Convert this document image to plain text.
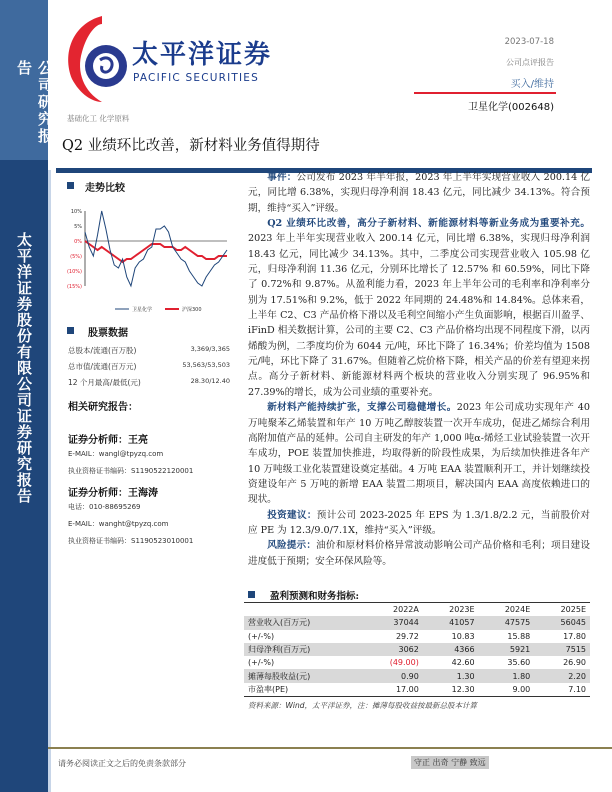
公司研究报告
太平洋证券股份有限公司证券研究报告
太平洋证券
PACIFIC SECURITIES
2023-07-18
公司点评报告
买入/维持
卫星化学(002648)
基础化工 化学原料
Q2 业绩环比改善，新材料业务值得期待
走势比较
10%
5%
0%
(5%)
(10%)
(15%)
卫星化学	沪深300
股票数据
总股本/流通(百万股)	3,369/3,365
总市值/流通(百万元)	53,563/53,503
12 个月最高/最低(元)	28.30/12.40
相关研究报告：
证券分析师：王亮
E-MAIL：wangl@tpyzq.com
执业资格证书编码：S1190522120001
证券分析师：王海涛
电话：010-88695269
E-MAIL：wanght@tpyzq.com
执业资格证书编码：S1190523010001

事件：公司发布 2023 年半年报，2023 年上半年实现营业收入 200.14 亿元，同比增 6.38%，实现归母净利润 18.43 亿元，同比减少 34.13%。符合预期，维持“买入”评级。

Q2 业绩环比改善，高分子新材料、新能源材料等新业务成为重要补充。2023 年上半年实现营业收入 200.14 亿元，同比增 6.38%，实现归母净利润 18.43 亿元，同比减少 34.13%。其中，二季度公司实现营业收入 105.98 亿元，归母净利润 11.36 亿元，分别环比增长了 12.57% 和 60.59%，同比下降了 0.72%和 9.87%。从盈利能力看，2023 年上半年公司的毛利率和净利率分别为 17.51%和 9.2%，低于 2022 年同期的 24.48%和 14.84%。总体来看，上半年 C2、C3 产品价格下滑以及毛利空间缩小产生负面影响，根据百川盈孚、iFinD 相关数据计算，公司的主要 C2、C3 产品价格均出现不同程度下滑，以丙烯酸为例，二季度均价为 6044 元/吨，环比下降了 16.34%；价差均值为 1508 元/吨，环比下降了 31.67%。但随着乙烷价格下降，相关产品的价差有望迎来拐点。高分子新材料、新能源材料两个板块的营业收入分别实现了 96.95%和 27.39%的增长，成为公司业绩的重要补充。

新材料产能持续扩张，支撑公司稳健增长。2023 年公司成功实现年产 40 万吨聚苯乙烯装置和年产 10 万吨乙醇胺装置一次开车成功，促进乙烯综合利用高附加值产品的延伸。公司自主研发的年产 1,000 吨α-烯烃工业试验装置一次开车成功，POE 装置加快推进，均取得新的阶段性成果，为后续加快推进各年产 10 万吨级工业化装置建设奠定基础。4 万吨 EAA 装置顺利开工，并计划继续投资建设年产 5 万吨的新增 EAA 装置二期项目，解决国内 EAA 高度依赖进口的现状。

投资建议：预计公司 2023-2025 年 EPS 为 1.3/1.8/2.2 元，当前股价对应 PE 为 12.3/9.0/7.1X，维持“买入”评级。

风险提示：油价和原材料价格异常波动影响公司产品价格和毛利；项目建设进度低于预期；安全环保风险等。

盈利预测和财务指标:
	2022A	2023E	2024E	2025E
营业收入(百万元)	37044	41057	47575	56045
(+/-%)	29.72	10.83	15.88	17.80
归母净利(百万元)	3062	4366	5921	7515
(+/-%)	(49.00)	42.60	35.60	26.90
摊薄每股收益(元)	0.90	1.30	1.80	2.20
市盈率(PE)	17.00	12.30	9.00	7.10
资料来源：Wind，太平洋证券，注：摊薄每股收益按最新总股本计算
请务必阅读正文之后的免责条款部分	守正 出奇 宁静 致远
